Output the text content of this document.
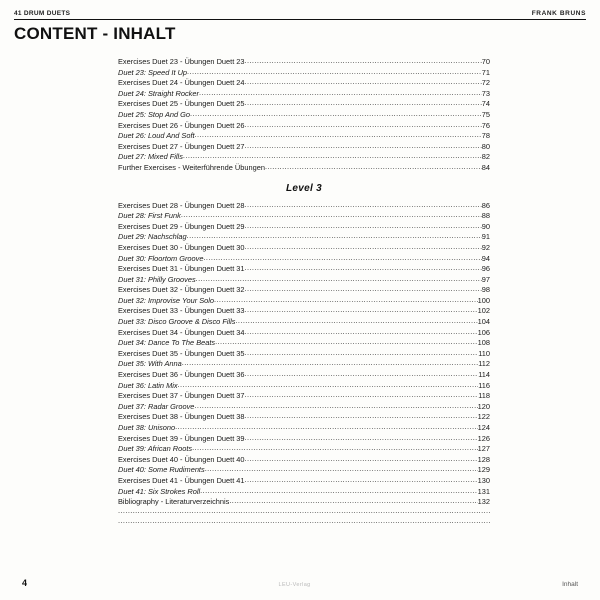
41 DRUM DUETS	FRANK BRUNS
CONTENT - INHALT
Exercises Duet 23 - Übungen Duett 23 .....	70
Duet 23: Speed It Up .....	71
Exercises Duet 24 - Übungen Duett 24 .....	72
Duet 24: Straight Rocker .....	73
Exercises Duet 25 - Übungen Duett 25 .....	74
Duet 25: Stop And Go .....	75
Exercises Duet 26 - Übungen Duett 26 .....	76
Duet 26: Loud And Soft .....	78
Exercises Duet 27 - Übungen Duett 27 .....	80
Duet 27: Mixed Fills .....	82
Further Exercises - Weiterführende Übungen .....	84
Level 3
Exercises Duet 28 - Übungen Duett 28 .....	86
Duet 28: First Funk .....	88
Exercises Duet 29 - Übungen Duett 29 .....	90
Duet 29: Nachschlag .....	91
Exercises Duet 30 - Übungen Duett 30 .....	92
Duet 30: Floortom Groove .....	94
Exercises Duet 31 - Übungen Duett 31 .....	96
Duet 31: Philly Grooves .....	97
Exercises Duet 32 - Übungen Duett 32 .....	98
Duet 32: Improvise Your Solo .....	100
Exercises Duet 33 - Übungen Duett 33 .....	102
Duet 33: Disco Groove & Disco Fills .....	104
Exercises Duet 34 - Übungen Duett 34 .....	106
Duet 34: Dance To The Beats .....	108
Exercises Duet 35 - Übungen Duett 35 .....	110
Duet 35: With Anna .....	112
Exercises Duet 36 - Übungen Duett 36 .....	114
Duet 36: Latin Mix .....	116
Exercises Duet 37 - Übungen Duett 37 .....	118
Duet 37: Radar Groove .....	120
Exercises Duet 38 - Übungen Duett 38 .....	122
Duet 38: Unisono .....	124
Exercises Duet 39 - Übungen Duett 39 .....	126
Duet 39: African Roots .....	127
Exercises Duet 40 - Übungen Duett 40 .....	128
Duet 40: Some Rudiments .....	129
Exercises Duet 41 - Übungen Duett 41 .....	130
Duet 41: Six Strokes Roll .....	131
Bibliography - Literaturverzeichnis .....	132
.....
.....
4	LEU-Verlag	Inhalt
